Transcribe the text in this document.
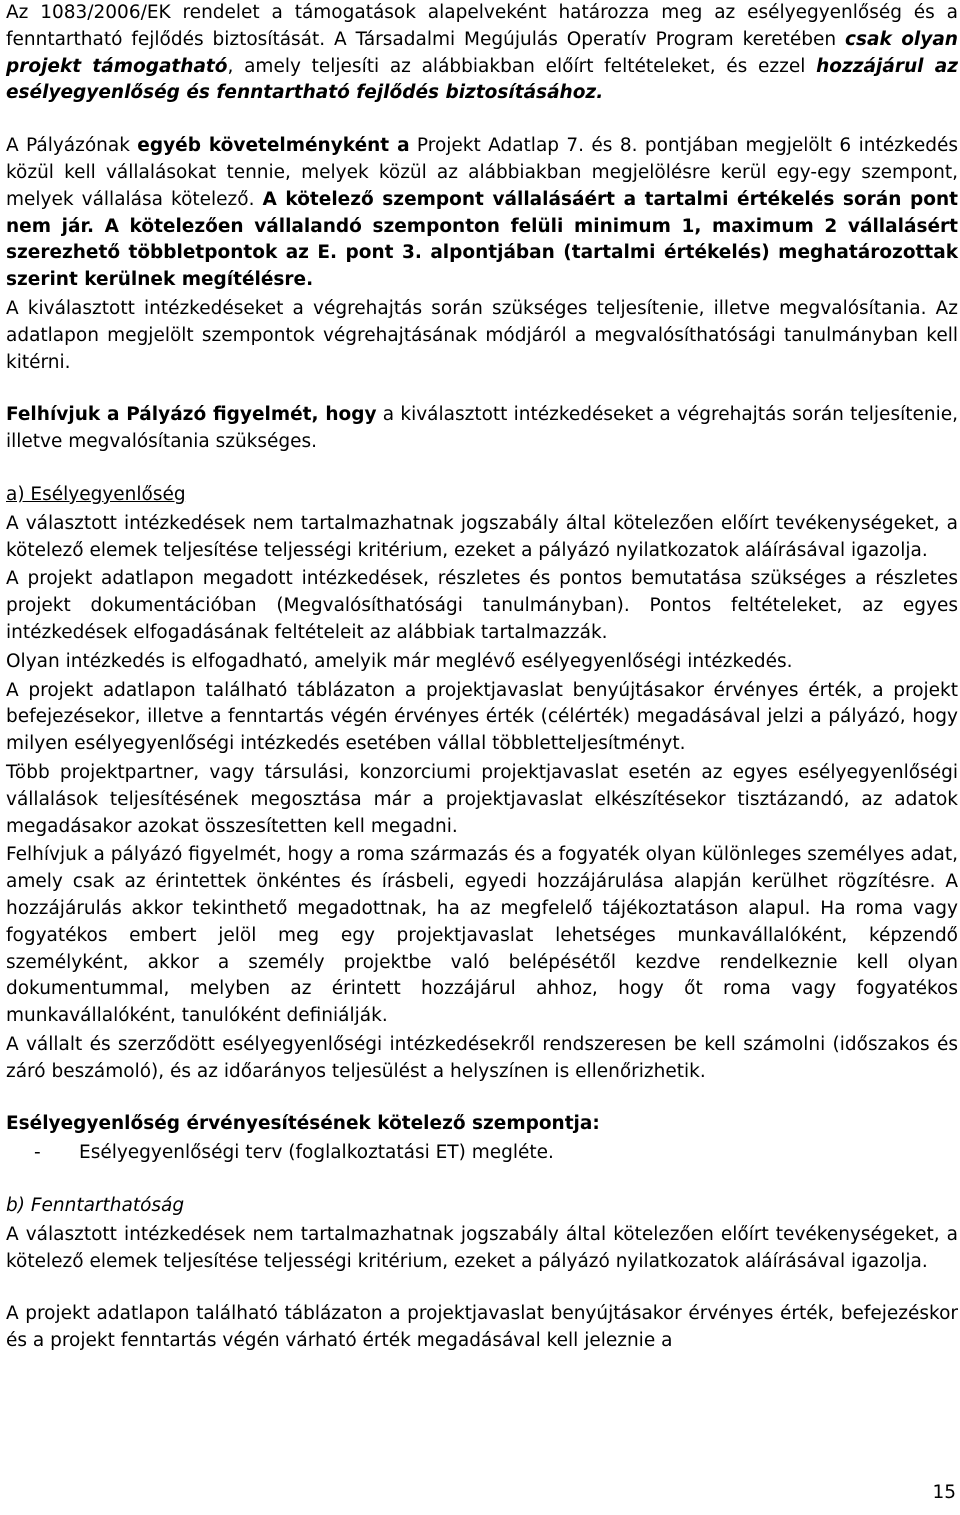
Az 1083/2006/EK rendelet a támogatások alapelveként határozza meg az esélyegyenlőség és a fenntartható fejlődés biztosítását. A Társadalmi Megújulás Operatív Program keretében csak olyan projekt támogatható, amely teljesíti az alábbiakban előírt feltételeket, és ezzel hozzájárul az esélyegyenlőség és fenntartható fejlődés biztosításához.

A Pályázónak egyéb követelményként a Projekt Adatlap 7. és 8. pontjában megjelölt 6 intézkedés közül kell vállalásokat tennie, melyek közül az alábbiakban megjelölésre kerül egy-egy szempont, melyek vállalása kötelező. A kötelező szempont vállalásáért a tartalmi értékelés során pont nem jár. A kötelezően vállalandó szemponton felüli minimum 1, maximum 2 vállalásért szerezhető többletpontok az E. pont 3. alpontjában (tartalmi értékelés) meghatározottak szerint kerülnek megítélésre.

A kiválasztott intézkedéseket a végrehajtás során szükséges teljesítenie, illetve megvalósítania. Az adatlapon megjelölt szempontok végrehajtásának módjáról a megvalósíthatósági tanulmányban kell kitérni.

Felhívjuk a Pályázó figyelmét, hogy a kiválasztott intézkedéseket a végrehajtás során teljesítenie, illetve megvalósítania szükséges.

a) Esélyegyenlőség

A választott intézkedések nem tartalmazhatnak jogszabály által kötelezően előírt tevékenységeket, a kötelező elemek teljesítése teljességi kritérium, ezeket a pályázó nyilatkozatok aláírásával igazolja.

A projekt adatlapon megadott intézkedések, részletes és pontos bemutatása szükséges a részletes projekt dokumentációban (Megvalósíthatósági tanulmányban). Pontos feltételeket, az egyes intézkedések elfogadásának feltételeit az alábbiak tartalmazzák.

Olyan intézkedés is elfogadható, amelyik már meglévő esélyegyenlőségi intézkedés.

A projekt adatlapon található táblázaton a projektjavaslat benyújtásakor érvényes érték, a projekt befejezésekor, illetve a fenntartás végén érvényes érték (célérték) megadásával jelzi a pályázó, hogy milyen esélyegyenlőségi intézkedés esetében vállal többletteljesítményt.

Több projektpartner, vagy társulási, konzorciumi projektjavaslat esetén az egyes esélyegyenlőségi vállalások teljesítésének megosztása már a projektjavaslat elkészítésekor tisztázandó, az adatok megadásakor azokat összesítetten kell megadni.

Felhívjuk a pályázó figyelmét, hogy a roma származás és a fogyaték olyan különleges személyes adat, amely csak az érintettek önkéntes és írásbeli, egyedi hozzájárulása alapján kerülhet rögzítésre. A hozzájárulás akkor tekinthető megadottnak, ha az megfelelő tájékoztatáson alapul. Ha roma vagy fogyatékos embert jelöl meg egy projektjavaslat lehetséges munkavállalóként, képzendő személyként, akkor a személy projektbe való belépésétől kezdve rendelkeznie kell olyan dokumentummal, melyben az érintett hozzájárul ahhoz, hogy őt roma vagy fogyatékos munkavállalóként, tanulóként definiálják.

A vállalt és szerződött esélyegyenlőségi intézkedésekről rendszeresen be kell számolni (időszakos és záró beszámoló), és az időarányos teljesülést a helyszínen is ellenőrizhetik.

Esélyegyenlőség érvényesítésének kötelező szempontja:

-	Esélyegyenlőségi terv (foglalkoztatási ET) megléte.

b) Fenntarthatóság

A választott intézkedések nem tartalmazhatnak jogszabály által kötelezően előírt tevékenységeket, a kötelező elemek teljesítése teljességi kritérium, ezeket a pályázó nyilatkozatok aláírásával igazolja.

A projekt adatlapon található táblázaton a projektjavaslat benyújtásakor érvényes érték, befejezéskor és a projekt fenntartás végén várható érték megadásával kell jeleznie a

15
